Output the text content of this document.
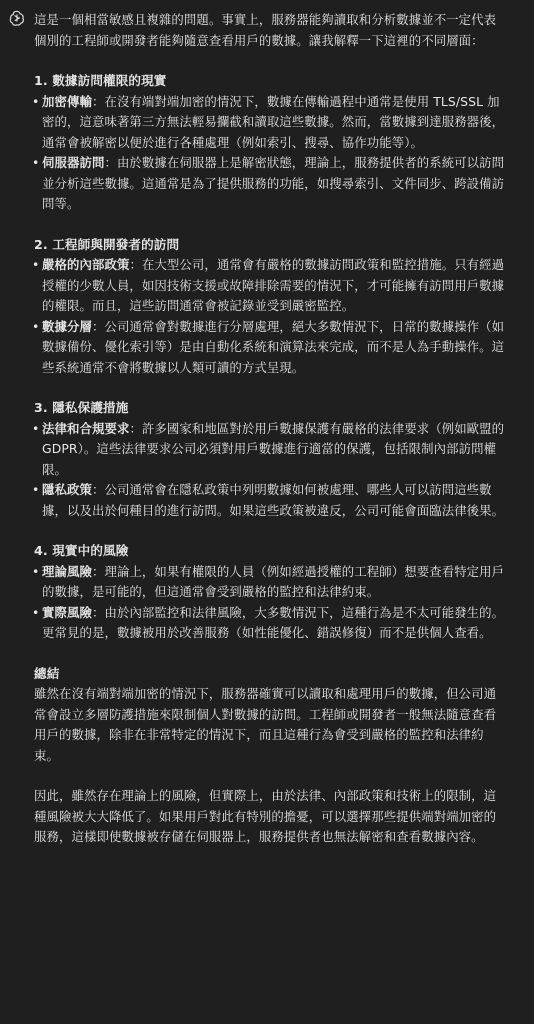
這是一個相當敏感且複雜的問題。事實上，服務器能夠讀取和分析數據並不一定代表個別的工程師或開發者能夠隨意查看用戶的數據。讓我解釋一下這裡的不同層面：

1. 數據訪問權限的現實

• 加密傳輸：在沒有端對端加密的情況下，數據在傳輸過程中通常是使用 TLS/SSL 加密的，這意味著第三方無法輕易攔截和讀取這些數據。然而，當數據到達服務器後，通常會被解密以便於進行各種處理（例如索引、搜尋、協作功能等）。
• 伺服器訪問：由於數據在伺服器上是解密狀態，理論上，服務提供者的系統可以訪問並分析這些數據。這通常是為了提供服務的功能，如搜尋索引、文件同步、跨設備訪問等。

2. 工程師與開發者的訪問

• 嚴格的內部政策：在大型公司，通常會有嚴格的數據訪問政策和監控措施。只有經過授權的少數人員，如因技術支援或故障排除需要的情況下，才可能擁有訪問用戶數據的權限。而且，這些訪問通常會被記錄並受到嚴密監控。
• 數據分層：公司通常會對數據進行分層處理，絕大多數情況下，日常的數據操作（如數據備份、優化索引等）是由自動化系統和演算法來完成，而不是人為手動操作。這些系統通常不會將數據以人類可讀的方式呈現。

3. 隱私保護措施

• 法律和合規要求：許多國家和地區對於用戶數據保護有嚴格的法律要求（例如歐盟的 GDPR）。這些法律要求公司必須對用戶數據進行適當的保護，包括限制內部訪問權限。
• 隱私政策：公司通常會在隱私政策中列明數據如何被處理、哪些人可以訪問這些數據，以及出於何種目的進行訪問。如果這些政策被違反，公司可能會面臨法律後果。

4. 現實中的風險

• 理論風險：理論上，如果有權限的人員（例如經過授權的工程師）想要查看特定用戶的數據，是可能的，但這通常會受到嚴格的監控和法律約束。
• 實際風險：由於內部監控和法律風險，大多數情況下，這種行為是不太可能發生的。更常見的是，數據被用於改善服務（如性能優化、錯誤修復）而不是供個人查看。

總結

雖然在沒有端對端加密的情況下，服務器確實可以讀取和處理用戶的數據，但公司通常會設立多層防護措施來限制個人對數據的訪問。工程師或開發者一般無法隨意查看用戶的數據，除非在非常特定的情況下，而且這種行為會受到嚴格的監控和法律約束。

因此，雖然存在理論上的風險，但實際上，由於法律、內部政策和技術上的限制，這種風險被大大降低了。如果用戶對此有特別的擔憂，可以選擇那些提供端對端加密的服務，這樣即使數據被存儲在伺服器上，服務提供者也無法解密和查看數據內容。
